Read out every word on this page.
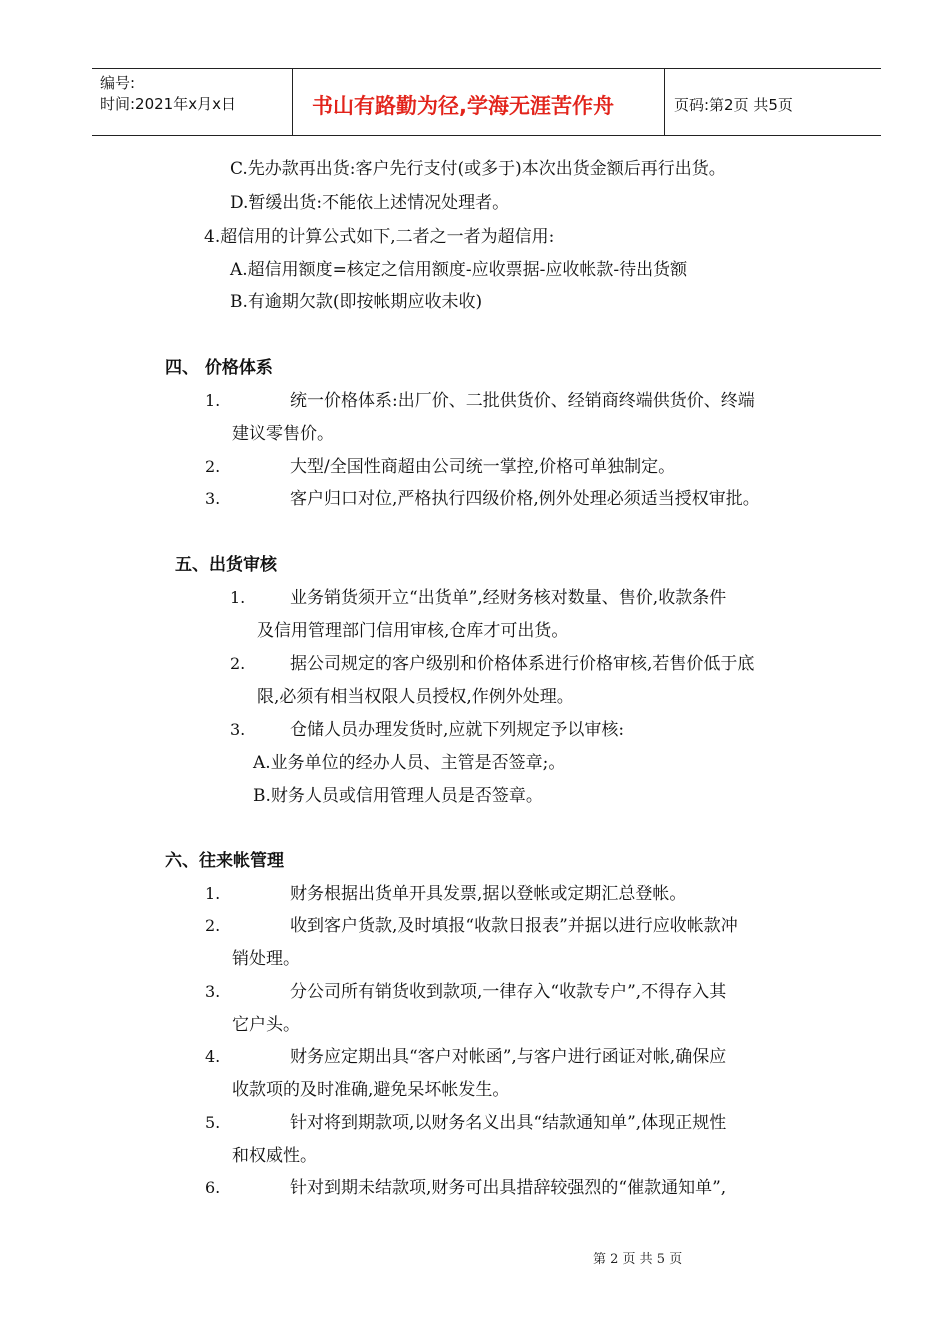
编号:
时间:2021年x月x日	书山有路勤为径,学海无涯苦作舟	页码:第2页 共5页
C.先办款再出货:客户先行支付(或多于)本次出货金额后再行出货。
D.暂缓出货:不能依上述情况处理者。
4.超信用的计算公式如下,二者之一者为超信用:
A.超信用额度=核定之信用额度-应收票据-应收帐款-待出货额
B.有逾期欠款(即按帐期应收未收)
四、 价格体系
1.	统一价格体系:出厂价、二批供货价、经销商终端供货价、终端
建议零售价。
2.	大型/全国性商超由公司统一掌控,价格可单独制定。
3.	客户归口对位,严格执行四级价格,例外处理必须适当授权审批。
五、出货审核
1.	业务销货须开立“出货单”,经财务核对数量、售价,收款条件
及信用管理部门信用审核,仓库才可出货。
2.	据公司规定的客户级别和价格体系进行价格审核,若售价低于底
限,必须有相当权限人员授权,作例外处理。
3.	仓储人员办理发货时,应就下列规定予以审核:
A.业务单位的经办人员、主管是否签章;。
B.财务人员或信用管理人员是否签章。
六、往来帐管理
1.	财务根据出货单开具发票,据以登帐或定期汇总登帐。
2.	收到客户货款,及时填报“收款日报表”并据以进行应收帐款冲
销处理。
3.	分公司所有销货收到款项,一律存入“收款专户”,不得存入其
它户头。
4.	财务应定期出具“客户对帐函”,与客户进行函证对帐,确保应
收款项的及时准确,避免呆坏帐发生。
5.	针对将到期款项,以财务名义出具“结款通知单”,体现正规性
和权威性。
6.	针对到期未结款项,财务可出具措辞较强烈的“催款通知单”,
第 2 页 共 5 页
